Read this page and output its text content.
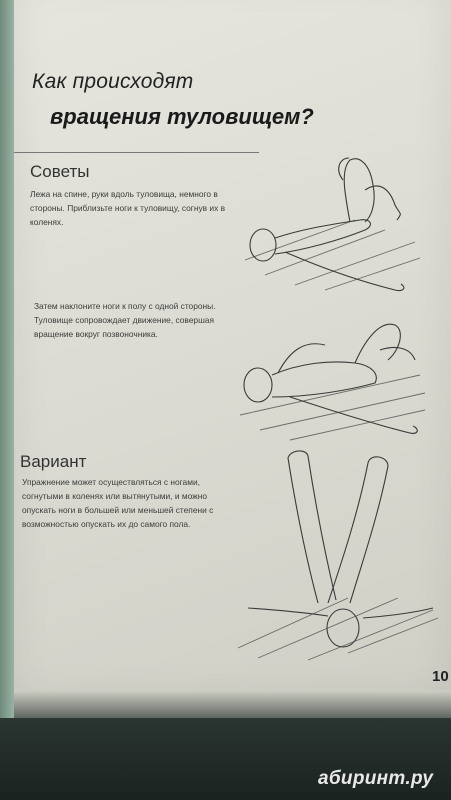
Как происходят
вращения туловищем?
Советы
Лежа на спине, руки вдоль туловища, немного в стороны. Приблизьте ноги к туловищу, согнув их в коленях.
Затем наклоните ноги к полу с одной стороны. Туловище сопровождает движение, совершая вращение вокруг позвоночника.
Вариант
Упражнение может осуществляться с ногами, согнутыми в коленях или вытянутыми, и можно опускать ноги в большей или меньшей степени с возможностью опускать их до самого пола.
10
абиринт.ру
